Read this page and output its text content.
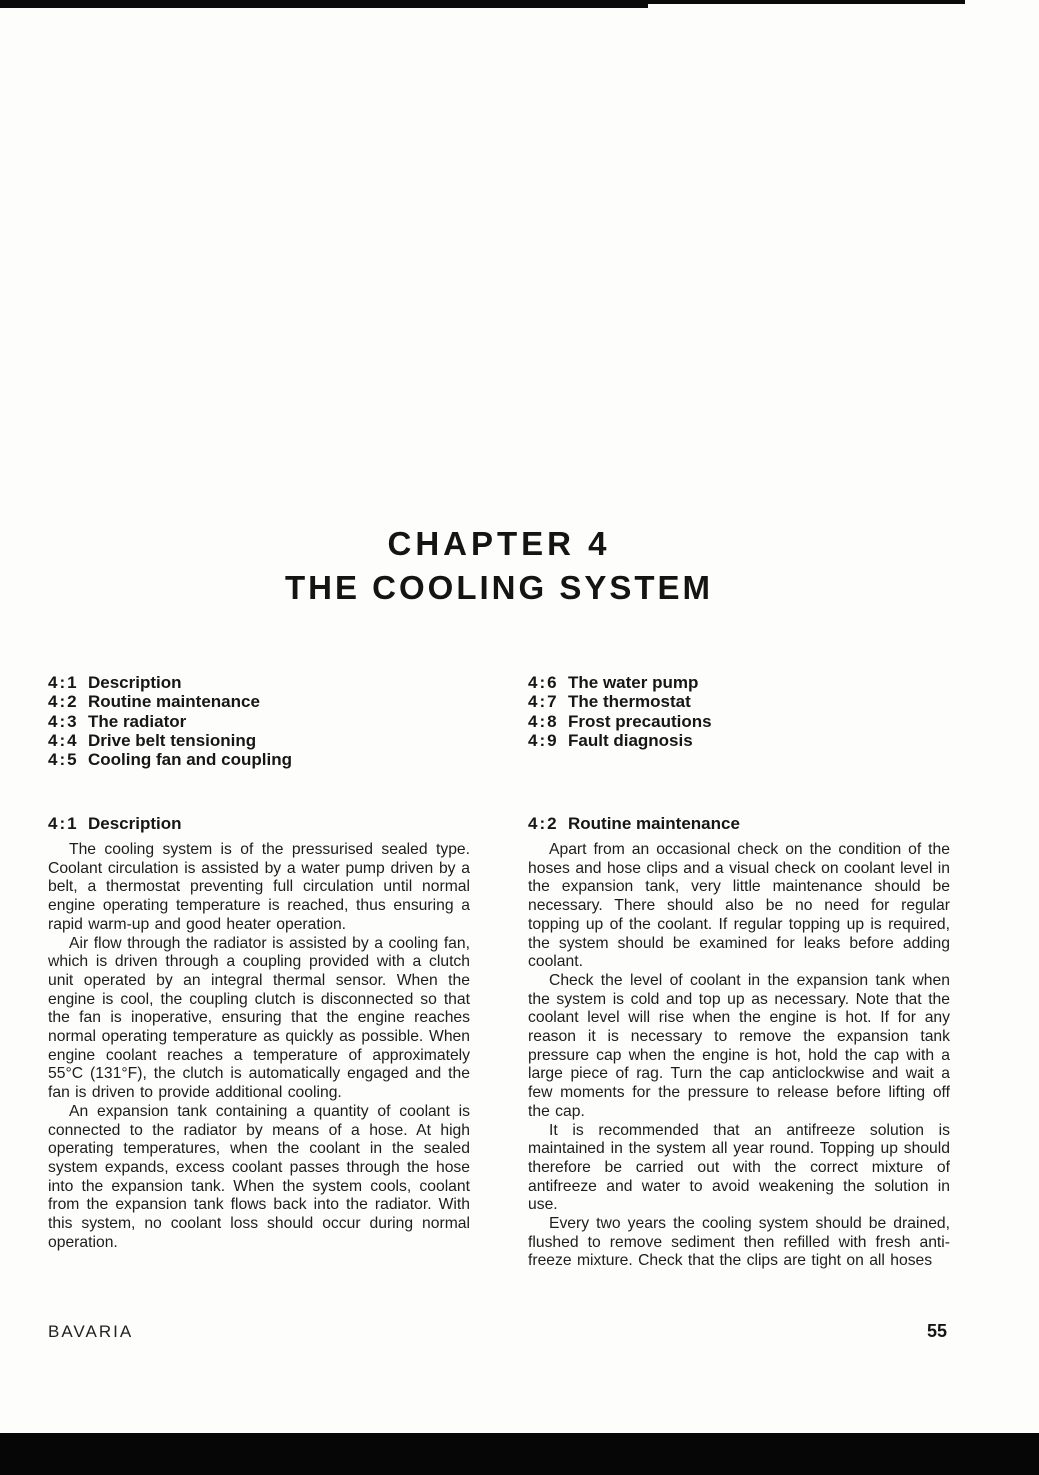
CHAPTER 4
THE COOLING SYSTEM
4:1 Description
4:2 Routine maintenance
4:3 The radiator
4:4 Drive belt tensioning
4:5 Cooling fan and coupling
4:6 The water pump
4:7 The thermostat
4:8 Frost precautions
4:9 Fault diagnosis
4:1 Description

The cooling system is of the pressurised sealed type. Coolant circulation is assisted by a water pump driven by a belt, a thermostat preventing full circulation until normal engine operating temperature is reached, thus ensuring a rapid warm-up and good heater operation.

Air flow through the radiator is assisted by a cooling fan, which is driven through a coupling provided with a clutch unit operated by an integral thermal sensor. When the engine is cool, the coupling clutch is disconnected so that the fan is inoperative, ensuring that the engine reaches normal operating temperature as quickly as possible. When engine coolant reaches a temperature of approximately 55°C (131°F), the clutch is automatically engaged and the fan is driven to provide additional cooling.

An expansion tank containing a quantity of coolant is connected to the radiator by means of a hose. At high operating temperatures, when the coolant in the sealed system expands, excess coolant passes through the hose into the expansion tank. When the system cools, coolant from the expansion tank flows back into the radiator. With this system, no coolant loss should occur during normal operation.

4:2 Routine maintenance

Apart from an occasional check on the condition of the hoses and hose clips and a visual check on coolant level in the expansion tank, very little maintenance should be necessary. There should also be no need for regular topping up of the coolant. If regular topping up is required, the system should be examined for leaks before adding coolant.

Check the level of coolant in the expansion tank when the system is cold and top up as necessary. Note that the coolant level will rise when the engine is hot. If for any reason it is necessary to remove the expansion tank pressure cap when the engine is hot, hold the cap with a large piece of rag. Turn the cap anticlockwise and wait a few moments for the pressure to release before lifting off the cap.

It is recommended that an antifreeze solution is maintained in the system all year round. Topping up should therefore be carried out with the correct mixture of antifreeze and water to avoid weakening the solution in use.

Every two years the cooling system should be drained, flushed to remove sediment then refilled with fresh anti-freeze mixture. Check that the clips are tight on all hoses

BAVARIA	55
